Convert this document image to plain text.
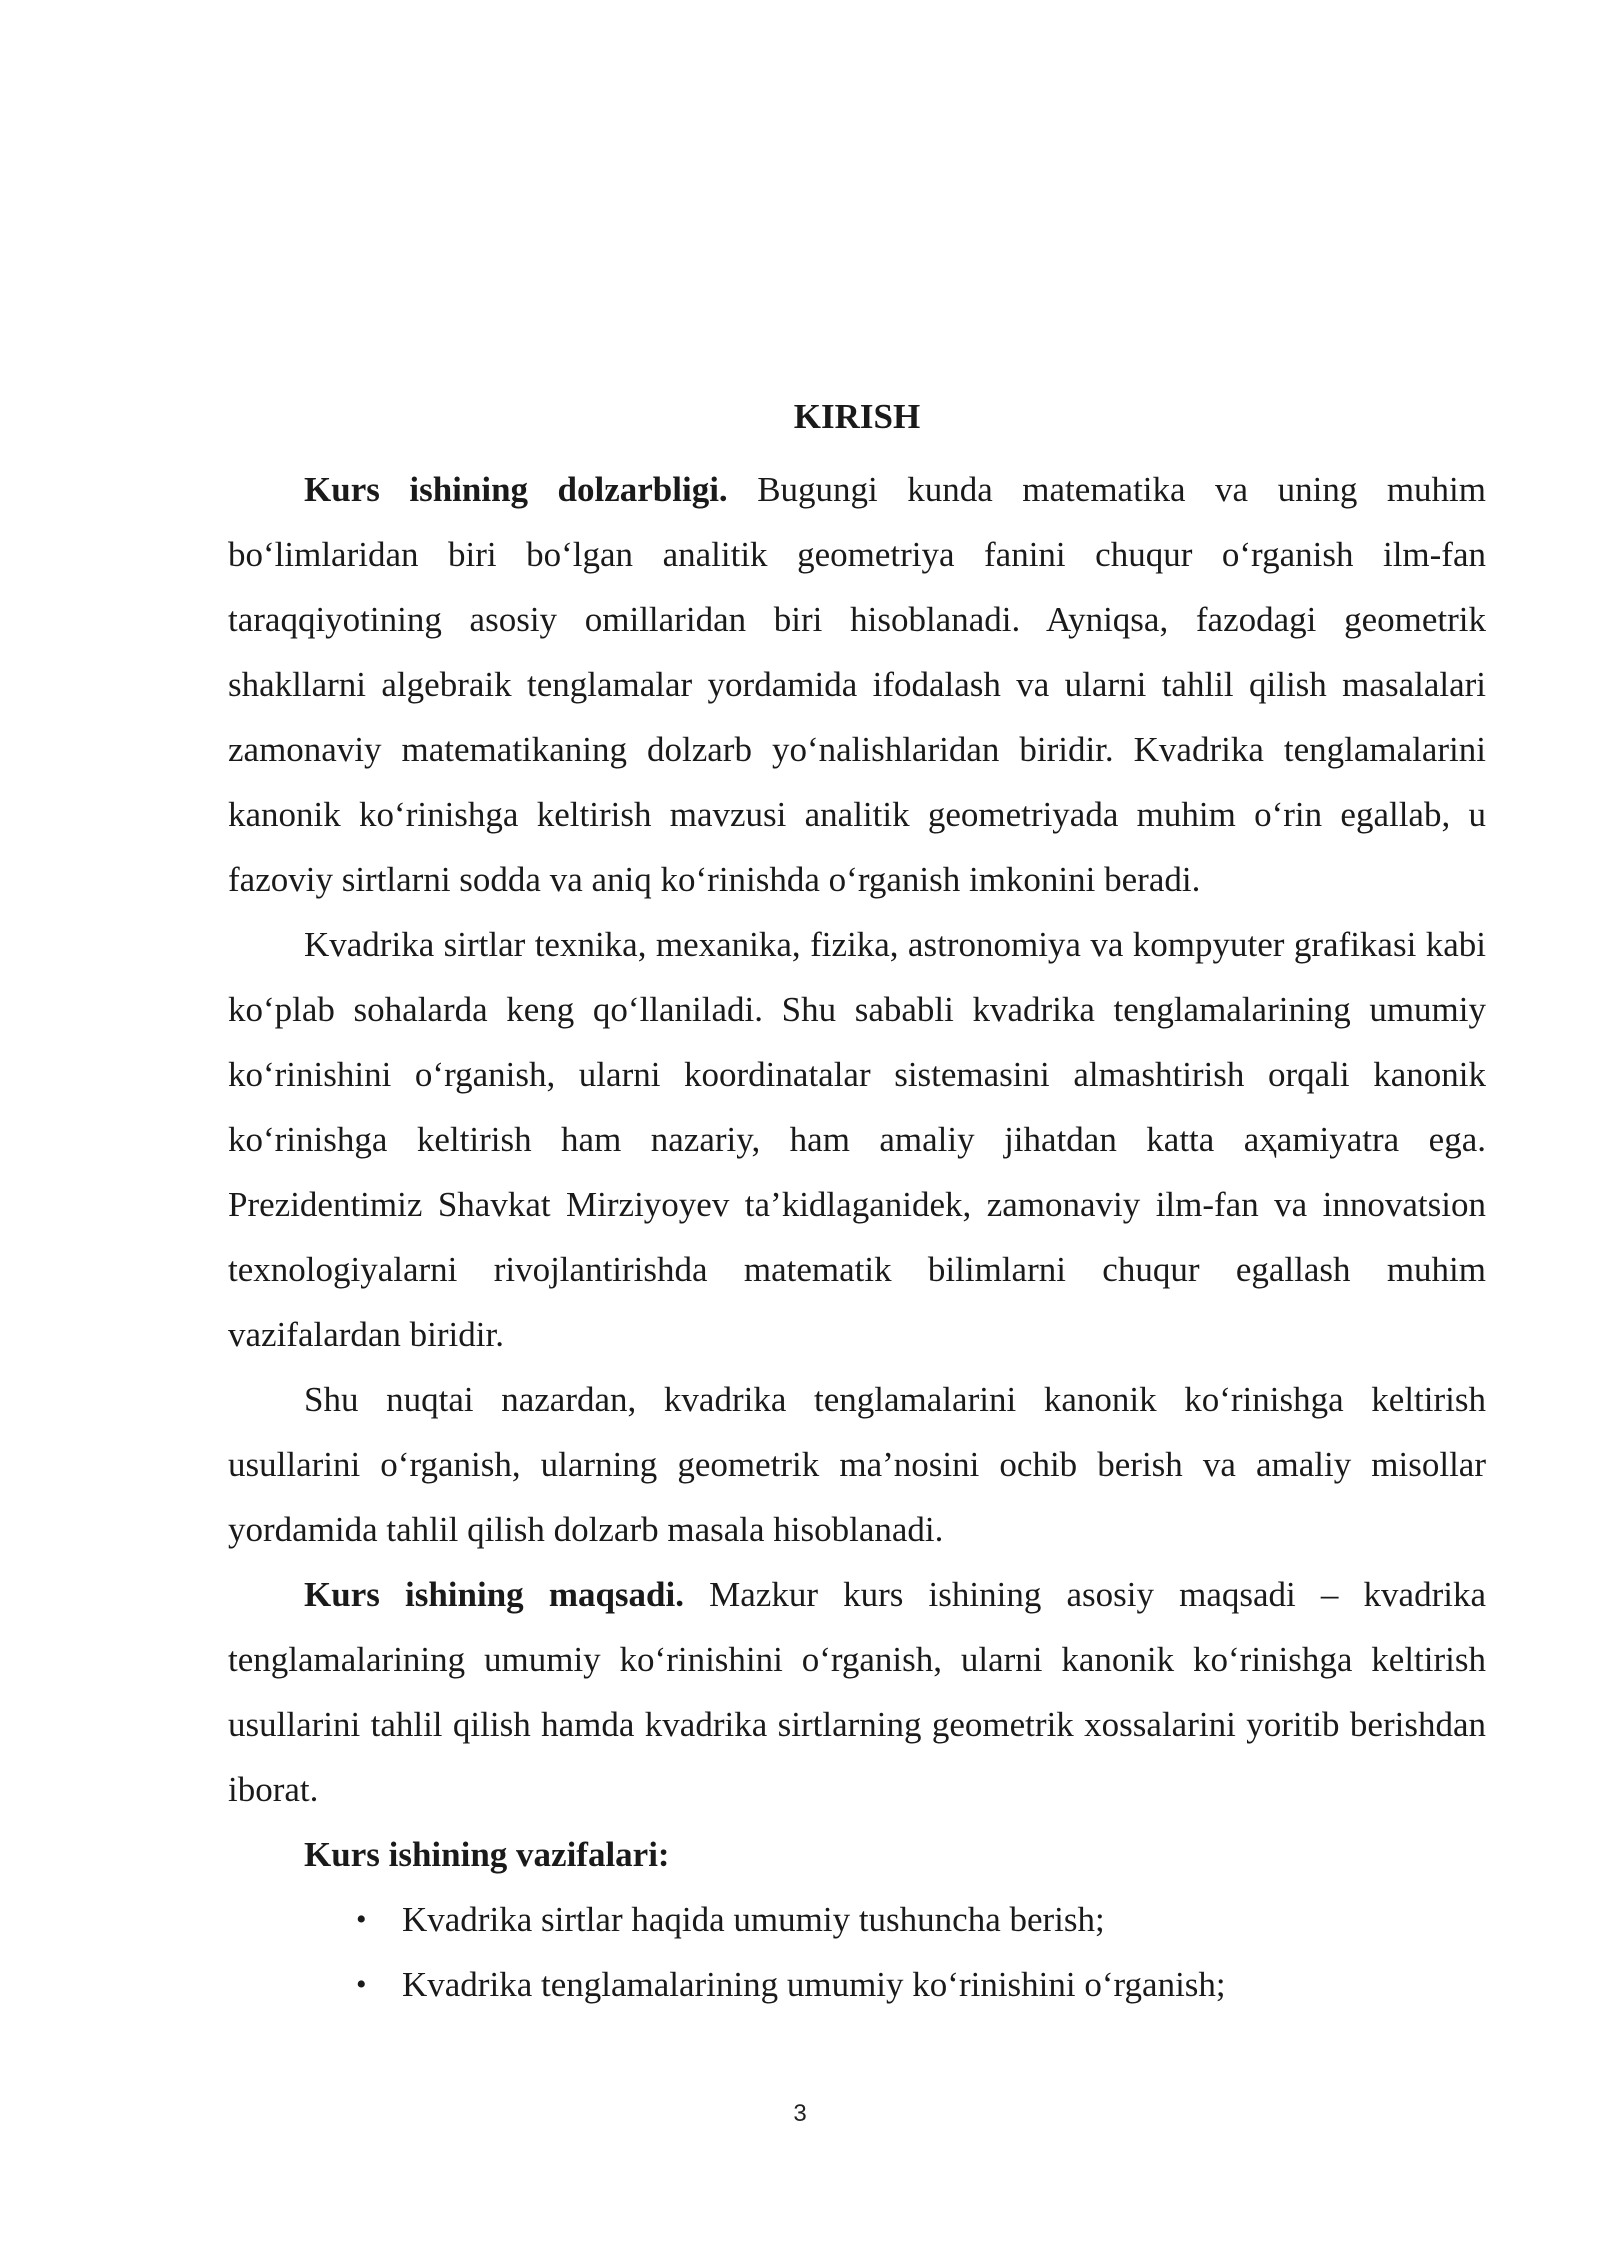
KIRISH

Kurs ishining dolzarbligi. Bugungi kunda matematika va uning muhim bo‘limlaridan biri bo‘lgan analitik geometriya fanini chuqur o‘rganish ilm-fan taraqqiyotining asosiy omillaridan biri hisoblanadi. Ayniqsa, fazodagi geometrik shakllarni algebraik tenglamalar yordamida ifodalash va ularni tahlil qilish masalalari zamonaviy matematikaning dolzarb yo‘nalishlaridan biridir. Kvadrika tenglamalarini kanonik ko‘rinishga keltirish mavzusi analitik geometriyada muhim o‘rin egallab, u fazoviy sirtlarni sodda va aniq ko‘rinishda o‘rganish imkonini beradi.

Kvadrika sirtlar texnika, mexanika, fizika, astronomiya va kompyuter grafikasi kabi ko‘plab sohalarda keng qo‘llaniladi. Shu sababli kvadrika tenglamalarining umumiy ko‘rinishini o‘rganish, ularni koordinatalar sistemasini almashtirish orqali kanonik ko‘rinishga keltirish ham nazariy, ham amaliy jihatdan katta aҳamiyatra ega. Prezidentimiz Shavkat Mirziyoyev ta’kidlaganidek, zamonaviy ilm-fan va innovatsion texnologiyalarni rivojlantirishda matematik bilimlarni chuqur egallash muhim vazifalardan biridir.

Shu nuqtai nazardan, kvadrika tenglamalarini kanonik ko‘rinishga keltirish usullarini o‘rganish, ularning geometrik ma’nosini ochib berish va amaliy misollar yordamida tahlil qilish dolzarb masala hisoblanadi.

Kurs ishining maqsadi. Mazkur kurs ishining asosiy maqsadi – kvadrika tenglamalarining umumiy ko‘rinishini o‘rganish, ularni kanonik ko‘rinishga keltirish usullarini tahlil qilish hamda kvadrika sirtlarning geometrik xossalarini yoritib berishdan iborat.

Kurs ishining vazifalari:

• Kvadrika sirtlar haqida umumiy tushuncha berish;
• Kvadrika tenglamalarining umumiy ko‘rinishini o‘rganish;
3
